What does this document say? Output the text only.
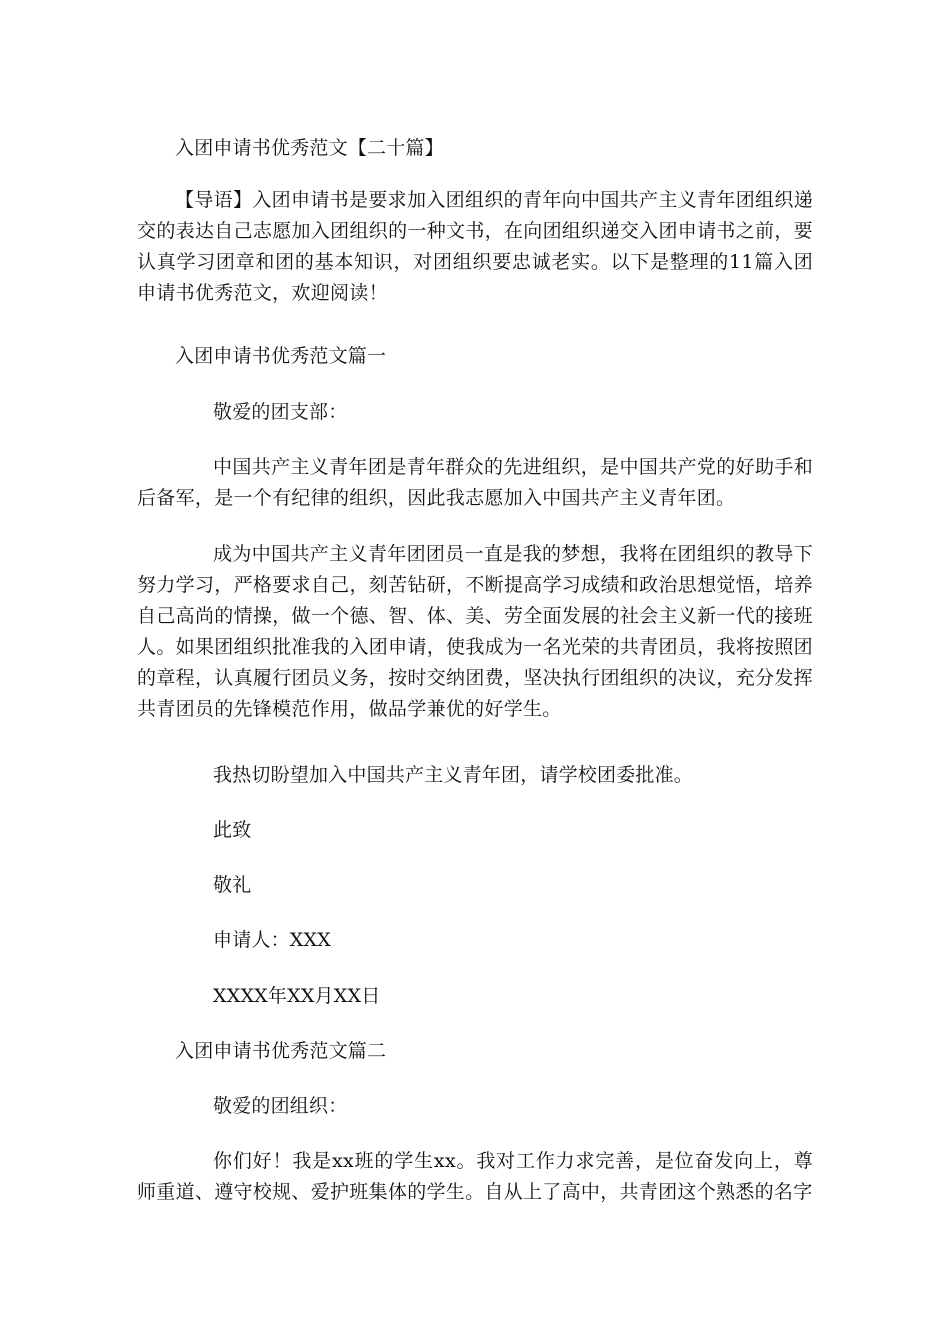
入团申请书优秀范文【二十篇】
【导语】入团申请书是要求加入团组织的青年向中国共产主义青年团组织递交的表达自己志愿加入团组织的一种文书，在向团组织递交入团申请书之前，要认真学习团章和团的基本知识，对团组织要忠诚老实。以下是整理的11篇入团申请书优秀范文，欢迎阅读！
入团申请书优秀范文篇一
敬爱的团支部：
中国共产主义青年团是青年群众的先进组织，是中国共产党的好助手和后备军，是一个有纪律的组织，因此我志愿加入中国共产主义青年团。
成为中国共产主义青年团团员一直是我的梦想，我将在团组织的教导下努力学习，严格要求自己，刻苦钻研，不断提高学习成绩和政治思想觉悟，培养自己高尚的情操，做一个德、智、体、美、劳全面发展的社会主义新一代的接班人。如果团组织批准我的入团申请，使我成为一名光荣的共青团员，我将按照团的章程，认真履行团员义务，按时交纳团费，坚决执行团组织的决议，充分发挥共青团员的先锋模范作用，做品学兼优的好学生。
我热切盼望加入中国共产主义青年团，请学校团委批准。
此致
敬礼
申请人：XXX
XXXX年XX月XX日
入团申请书优秀范文篇二
敬爱的团组织：
你们好！我是xx班的学生xx。我对工作力求完善，是位奋发向上，尊师重道、遵守校规、爱护班集体的学生。自从上了高中，共青团这个熟悉的名字
